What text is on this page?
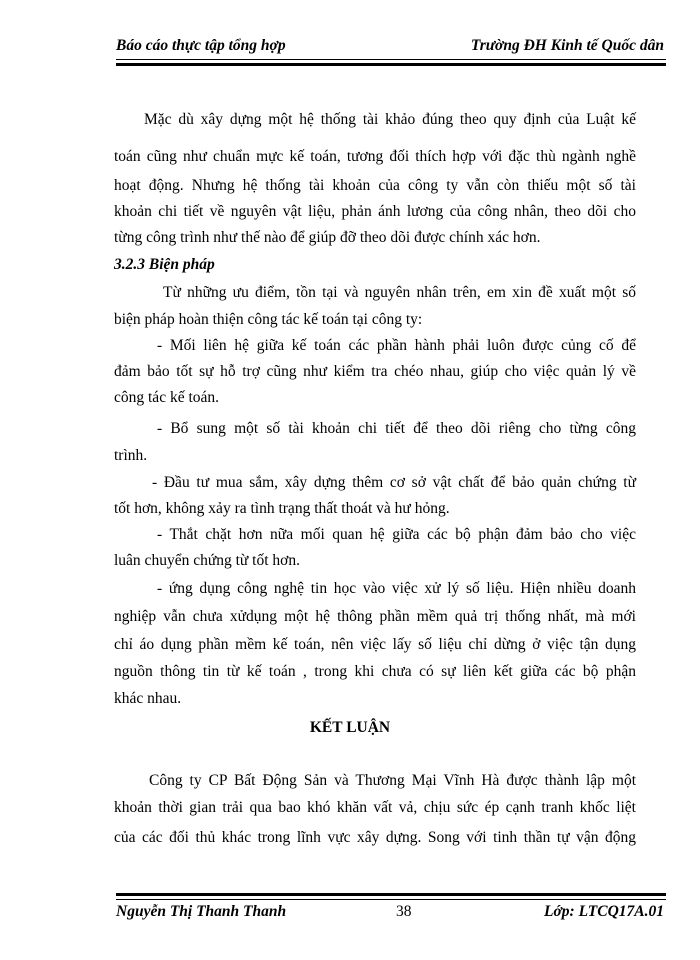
Báo cáo thực tập tổng hợp	Trường ĐH Kinh tế Quốc dân
Mặc dù xây dựng một hệ thống tài khảo đúng theo quy định của Luật kế
toán cũng như chuẩn mực kế toán, tương đối thích hợp với đặc thù ngành nghề
hoạt động. Nhưng hệ thống tài khoản của công ty vẫn còn thiếu một số tài
khoản chi tiết về nguyên vật liệu, phản ánh lương của công nhân, theo dõi cho
từng công trình như thế nào để giúp đỡ theo dõi được chính xác hơn.
3.2.3 Biện pháp
Từ những ưu điểm, tồn tại và nguyên nhân trên, em xin đề xuất một số
biện pháp hoàn thiện công tác kế toán tại công ty:
- Mối liên hệ giữa kế toán các phần hành phải luôn được củng cố để
đảm bảo tốt sự hỗ trợ cũng như kiểm tra chéo nhau, giúp cho việc quản lý về
công tác kế toán.
- Bổ sung một số tài khoản chi tiết để theo dõi riêng cho từng công
trình.
- Đầu tư mua sắm, xây dựng thêm cơ sở vật chất để bảo quản chứng từ
tốt hơn, không xảy ra tình trạng thất thoát và hư hỏng.
- Thắt chặt hơn nữa mối quan hệ giữa các bộ phận đảm bảo cho việc
luân chuyển chứng từ tốt hơn.
- ứng dụng công nghệ tin học vào việc xử lý số liệu. Hiện nhiều doanh
nghiệp vẫn chưa xửdụng một hệ thông phần mềm quả trị thống nhất, mà mới
chỉ áo dụng phần mềm kế toán, nên việc lấy số liệu chỉ dừng ở việc tận dụng
nguồn thông tin từ kế toán , trong khi chưa có sự liên kết giữa các bộ phận
khác nhau.
KẾT LUẬN
Công ty CP Bất Động Sản và Thương Mại Vĩnh Hà được thành lập một
khoản thời gian trải qua bao khó khăn vất vả, chịu sức ép cạnh tranh khốc liệt
của các đối thủ khác trong lĩnh vực xây dựng. Song với tinh thần tự vận động
Nguyễn Thị Thanh Thanh	38	Lớp: LTCQ17A.01
